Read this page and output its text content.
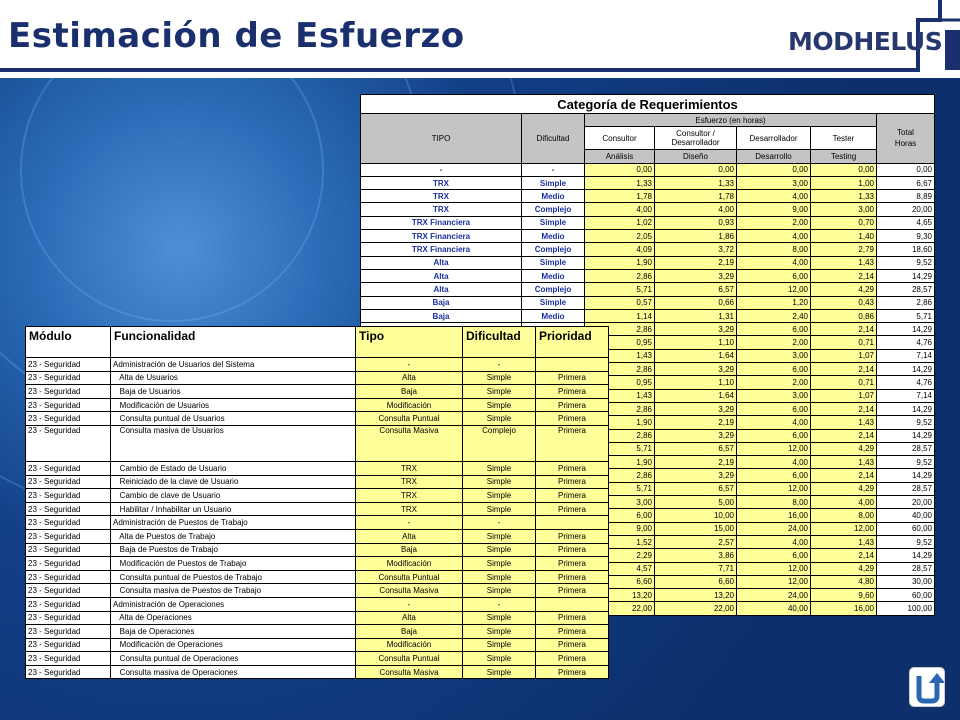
Estimación de Esfuerzo	MODHELUS
Categoría de Requerimientos						
TIPO	Dificultad	Esfuerzo (en horas)				Total
Horas

		Consultor	Consultor / Desarrollador	Desarrollador	Tester	
		Análisis	Diseño	Desarrollo	Testing	
-	-	0,00	0,00	0,00	0,00	0,00
TRX	Simple	1,33	1,33	3,00	1,00	6,67
TRX	Medio	1,78	1,78	4,00	1,33	8,89
TRX	Complejo	4,00	4,00	9,00	3,00	20,00
TRX Financiera	Simple	1,02	0,93	2,00	0,70	4,65
TRX Financiera	Medio	2,05	1,86	4,00	1,40	9,30
TRX Financiera	Complejo	4,09	3,72	8,00	2,79	18,60
Alta	Simple	1,90	2,19	4,00	1,43	9,52
Alta	Medio	2,86	3,29	6,00	2,14	14,29
Alta	Complejo	5,71	6,57	12,00	4,29	28,57
Baja	Simple	0,57	0,66	1,20	0,43	2,86
Baja	Medio	1,14	1,31	2,40	0,86	5,71
		2,86	3,29	6,00	2,14	14,29
		0,95	1,10	2,00	0,71	4,76
		1,43	1,64	3,00	1,07	7,14
		2,86	3,29	6,00	2,14	14,29
		0,95	1,10	2,00	0,71	4,76
		1,43	1,64	3,00	1,07	7,14
		2,86	3,29	6,00	2,14	14,29
		1,90	2,19	4,00	1,43	9,52
		2,86	3,29	6,00	2,14	14,29
		5,71	6,57	12,00	4,29	28,57
		1,90	2,19	4,00	1,43	9,52
		2,86	3,29	6,00	2,14	14,29
		5,71	6,57	12,00	4,29	28,57
		3,00	5,00	8,00	4,00	20,00
		6,00	10,00	16,00	8,00	40,00
		9,00	15,00	24,00	12,00	60,00
		1,52	2,57	4,00	1,43	9,52
		2,29	3,86	6,00	2,14	14,29
		4,57	7,71	12,00	4,29	28,57
		6,60	6,60	12,00	4,80	30,00
		13,20	13,20	24,00	9,60	60,00
		22,00	22,00	40,00	16,00	100,00
Módulo	Funcionalidad	Tipo	Dificultad	Prioridad
23 - Seguridad	Administración de Usuarios del Sistema	-	-	
23 - Seguridad	Alta de Usuarios	Alta	Simple	Primera
23 - Seguridad	Baja de Usuarios	Baja	Simple	Primera
23 - Seguridad	Modificación de Usuarios	Modificación	Simple	Primera
23 - Seguridad	Consulta puntual de Usuarios	Consulta Puntual	Simple	Primera
23 - Seguridad	Consulta masiva de Usuarios	Consulta Masiva	Complejo	Primera
23 - Seguridad	Cambio de Estado de Usuario	TRX	Simple	Primera
23 - Seguridad	Reiniciado de la clave de Usuario	TRX	Simple	Primera
23 - Seguridad	Cambio de clave de Usuario	TRX	Simple	Primera
23 - Seguridad	Habilitar / Inhabilitar un Usuario	TRX	Simple	Primera
23 - Seguridad	Administración de Puestos de Trabajo	-	-	
23 - Seguridad	Alta de Puestos de Trabajo	Alta	Simple	Primera
23 - Seguridad	Baja de Puestos de Trabajo	Baja	Simple	Primera
23 - Seguridad	Modificación de Puestos de Trabajo	Modificación	Simple	Primera
23 - Seguridad	Consulta puntual de Puestos de Trabajo	Consulta Puntual	Simple	Primera
23 - Seguridad	Consulta masiva de Puestos de Trabajo	Consulta Masiva	Simple	Primera
23 - Seguridad	Administración de Operaciones	-	-	
23 - Seguridad	Alta de Operaciones	Alta	Simple	Primera
23 - Seguridad	Baja de Operaciones	Baja	Simple	Primera
23 - Seguridad	Modificación de Operaciones	Modificación	Simple	Primera
23 - Seguridad	Consulta puntual de Operaciones	Consulta Puntual	Simple	Primera
23 - Seguridad	Consulta masiva de Operaciones	Consulta Masiva	Simple	Primera
